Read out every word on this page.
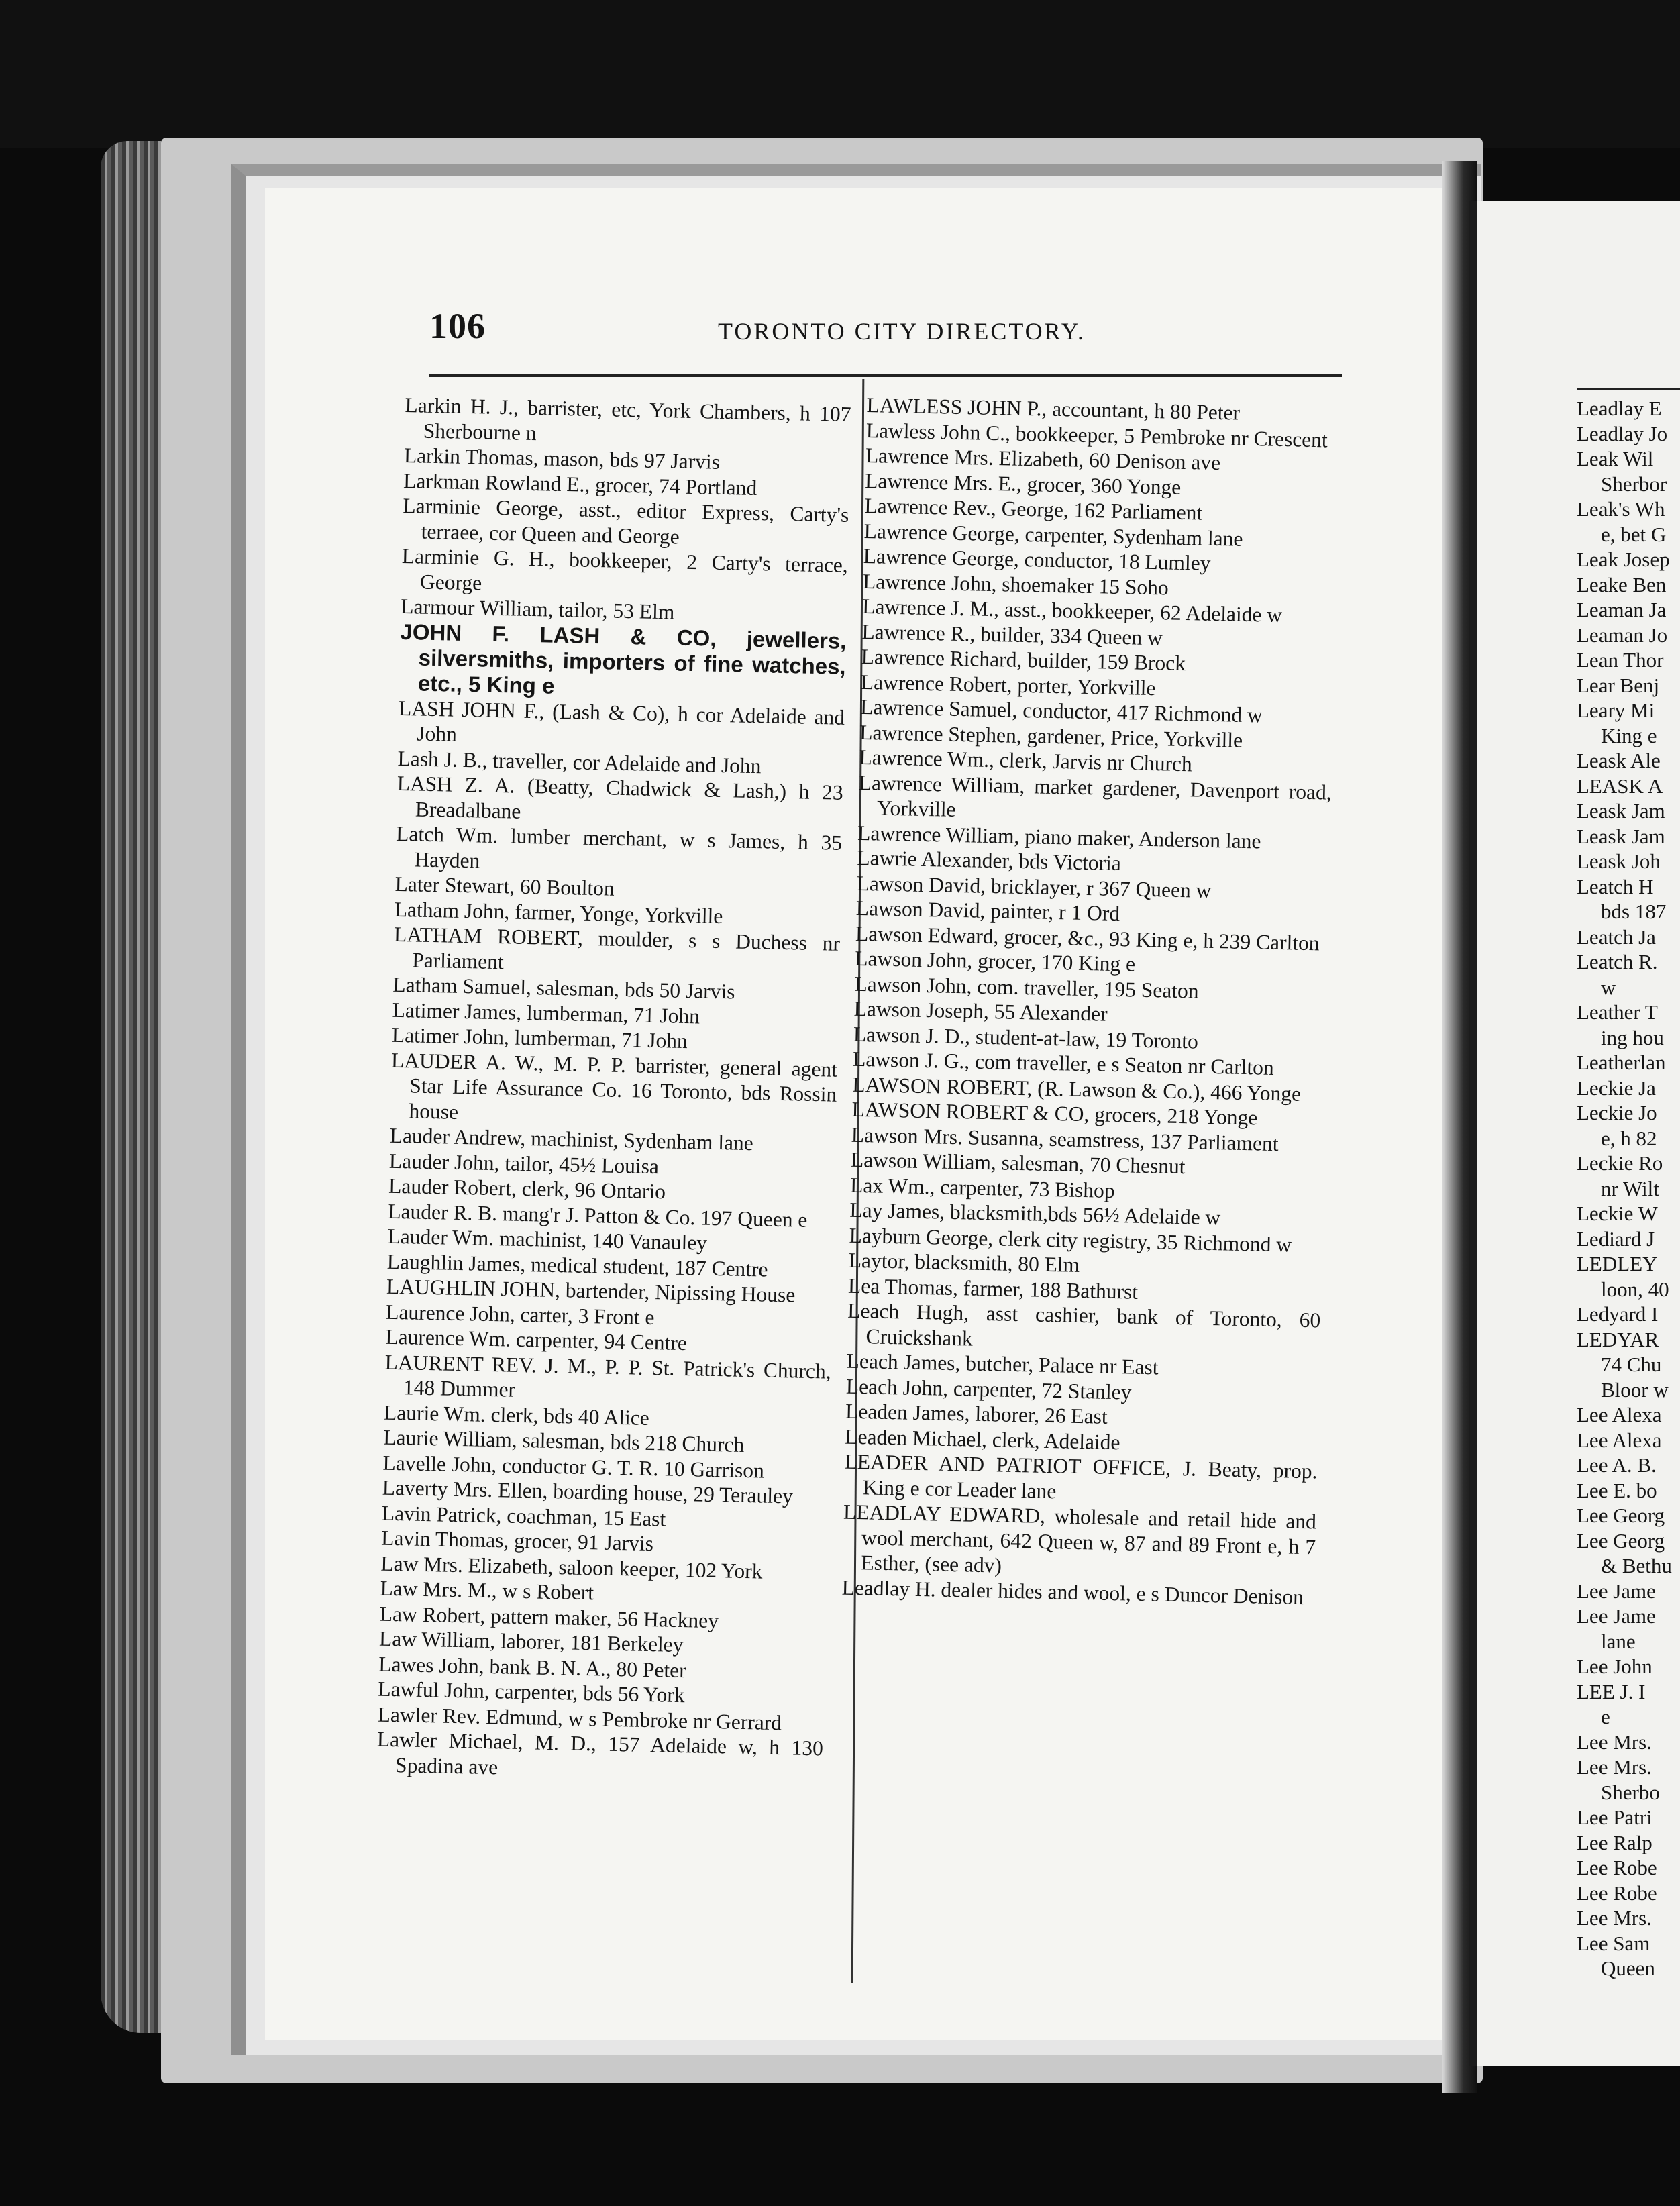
106	TORONTO CITY DIRECTORY.
Larkin H. J., barrister, etc, York Chambers, h 107 Sherbourne n
Larkin Thomas, mason, bds 97 Jarvis
Larkman Rowland E., grocer, 74 Portland
Larminie George, asst., editor Express, Carty's terraee, cor Queen and George
Larminie G. H., bookkeeper, 2 Carty's terrace, George
Larmour William, tailor, 53 Elm
JOHN F. LASH & CO, jewellers, silversmiths, importers of fine watches, etc., 5 King e
LASH JOHN F., (Lash & Co), h cor Adelaide and John
Lash J. B., traveller, cor Adelaide and John
LASH Z. A. (Beatty, Chadwick & Lash,) h 23 Breadalbane
Latch Wm. lumber merchant, w s James, h 35 Hayden
Later Stewart, 60 Boulton
Latham John, farmer, Yonge, Yorkville
LATHAM ROBERT, moulder, s s Duchess nr Parliament
Latham Samuel, salesman, bds 50 Jarvis
Latimer James, lumberman, 71 John
Latimer John, lumberman, 71 John
LAUDER A. W., M. P. P. barrister, general agent Star Life Assurance Co. 16 Toronto, bds Rossin house
Lauder Andrew, machinist, Sydenham lane
Lauder John, tailor, 45½ Louisa
Lauder Robert, clerk, 96 Ontario
Lauder R. B. mang'r J. Patton & Co. 197 Queen e
Lauder Wm. machinist, 140 Vanauley
Laughlin James, medical student, 187 Centre
LAUGHLIN JOHN, bartender, Nipissing House
Laurence John, carter, 3 Front e
Laurence Wm. carpenter, 94 Centre
LAURENT REV. J. M., P. P. St. Patrick's Church, 148 Dummer
Laurie Wm. clerk, bds 40 Alice
Laurie William, salesman, bds 218 Church
Lavelle John, conductor G. T. R. 10 Garrison
Laverty Mrs. Ellen, boarding house, 29 Terauley
Lavin Patrick, coachman, 15 East
Lavin Thomas, grocer, 91 Jarvis
Law Mrs. Elizabeth, saloon keeper, 102 York
Law Mrs. M., w s Robert
Law Robert, pattern maker, 56 Hackney
Law William, laborer, 181 Berkeley
Lawes John, bank B. N. A., 80 Peter
Lawful John, carpenter, bds 56 York
Lawler Rev. Edmund, w s Pembroke nr Gerrard
Lawler Michael, M. D., 157 Adelaide w, h 130 Spadina ave
LAWLESS JOHN P., accountant, h 80 Peter
Lawless John C., bookkeeper, 5 Pembroke nr Crescent
Lawrence Mrs. Elizabeth, 60 Denison ave
Lawrence Mrs. E., grocer, 360 Yonge
Lawrence Rev., George, 162 Parliament
Lawrence George, carpenter, Sydenham lane
Lawrence George, conductor, 18 Lumley
Lawrence John, shoemaker 15 Soho
Lawrence J. M., asst., bookkeeper, 62 Adelaide w
Lawrence R., builder, 334 Queen w
Lawrence Richard, builder, 159 Brock
Lawrence Robert, porter, Yorkville
Lawrence Samuel, conductor, 417 Richmond w
Lawrence Stephen, gardener, Price, Yorkville
Lawrence Wm., clerk, Jarvis nr Church
Lawrence William, market gardener, Davenport road, Yorkville
Lawrence William, piano maker, Anderson lane
Lawrie Alexander, bds Victoria
Lawson David, bricklayer, r 367 Queen w
Lawson David, painter, r 1 Ord
Lawson Edward, grocer, &c., 93 King e, h 239 Carlton
Lawson John, grocer, 170 King e
Lawson John, com. traveller, 195 Seaton
Lawson Joseph, 55 Alexander
Lawson J. D., student-at-law, 19 Toronto
Lawson J. G., com traveller, e s Seaton nr Carlton
LAWSON ROBERT, (R. Lawson & Co.), 466 Yonge
LAWSON ROBERT & CO, grocers, 218 Yonge
Lawson Mrs. Susanna, seamstress, 137 Parliament
Lawson William, salesman, 70 Chesnut
Lax Wm., carpenter, 73 Bishop
Lay James, blacksmith,bds 56½ Adelaide w
Layburn George, clerk city registry, 35 Richmond w
Laytor, blacksmith, 80 Elm
Lea Thomas, farmer, 188 Bathurst
Leach Hugh, asst cashier, bank of Toronto, 60 Cruickshank
Leach James, butcher, Palace nr East
Leach John, carpenter, 72 Stanley
Leaden James, laborer, 26 East
Leaden Michael, clerk, Adelaide
LEADER AND PATRIOT OFFICE, J. Beaty, prop. King e cor Leader lane
LEADLAY EDWARD, wholesale and retail hide and wool merchant, 642 Queen w, 87 and 89 Front e, h 7 Esther, (see adv)
Leadlay H. dealer hides and wool, e s Duncor Denison
Leadlay E
Leadlay Jo
Leak Wil
Sherbor
Leak's Wh
e, bet G
Leak Josep
Leake Ben
Leaman Ja
Leaman Jo
Lean Thor
Lear Benj
Leary Mi
King e
Leask Ale
LEASK A
Leask Jam
Leask Jam
Leask Joh
Leatch H
bds 187
Leatch Ja
Leatch R.
w
Leather T
ing hou
Leatherlan
Leckie Ja
Leckie Jo
e, h 82
Leckie Ro
nr Wilt
Leckie W
Lediard J
LEDLEY
loon, 40
Ledyard I
LEDYAR
74 Chu
Bloor w
Lee Alexa
Lee Alexa
Lee A. B.
Lee E. bo
Lee Georg
Lee Georg
& Bethu
Lee Jame
Lee Jame
lane
Lee John
LEE J. I
e
Lee Mrs.
Lee Mrs.
Sherbo
Lee Patri
Lee Ralp
Lee Robe
Lee Robe
Lee Mrs.
Lee Sam
Queen
